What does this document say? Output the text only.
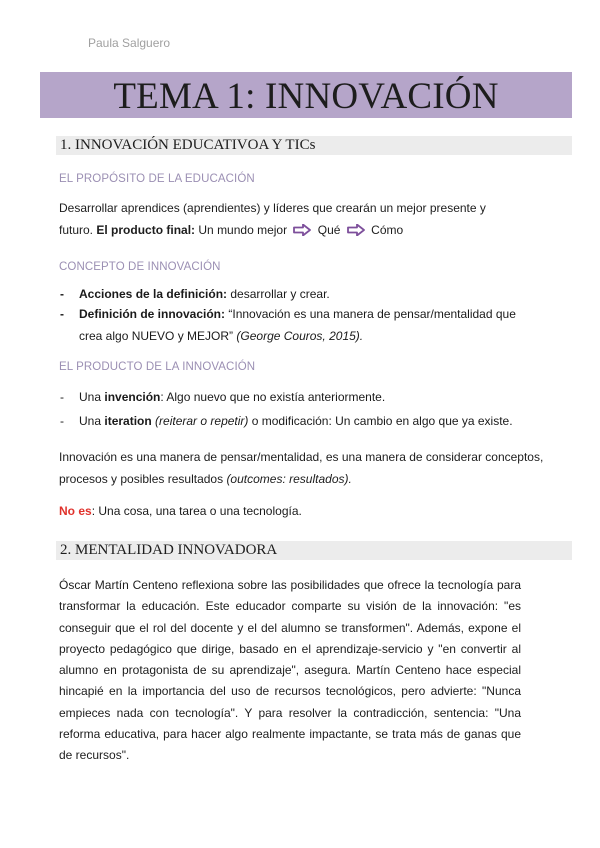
Paula Salguero
TEMA 1: INNOVACIÓN
1. INNOVACIÓN EDUCATIVOA Y TICs
EL PROPÓSITO DE LA EDUCACIÓN
Desarrollar aprendices (aprendientes) y líderes que crearán un mejor presente y
futuro. El producto final: Un mundo mejor	Qué	Cómo
CONCEPTO DE INNOVACIÓN
- Acciones de la definición: desarrollar y crear.
- Definición de innovación: “Innovación es una manera de pensar/mentalidad que
crea algo NUEVO y MEJOR” (George Couros, 2015).
EL PRODUCTO DE LA INNOVACIÓN
- Una invención: Algo nuevo que no existía anteriormente.
- Una iteration (reiterar o repetir) o modificación: Un cambio en algo que ya existe.
Innovación es una manera de pensar/mentalidad, es una manera de considerar conceptos,
procesos y posibles resultados (outcomes: resultados).
No es: Una cosa, una tarea o una tecnología.
2. MENTALIDAD INNOVADORA
Óscar Martín Centeno reflexiona sobre las posibilidades que ofrece la tecnología para transformar la educación. Este educador comparte su visión de la innovación: "es conseguir que el rol del docente y el del alumno se transformen". Además, expone el proyecto pedagógico que dirige, basado en el aprendizaje-servicio y "en convertir al alumno en protagonista de su aprendizaje", asegura. Martín Centeno hace especial hincapié en la importancia del uso de recursos tecnológicos, pero advierte: "Nunca empieces nada con tecnología". Y para resolver la contradicción, sentencia: "Una reforma educativa, para hacer algo realmente impactante, se trata más de ganas que de recursos".
